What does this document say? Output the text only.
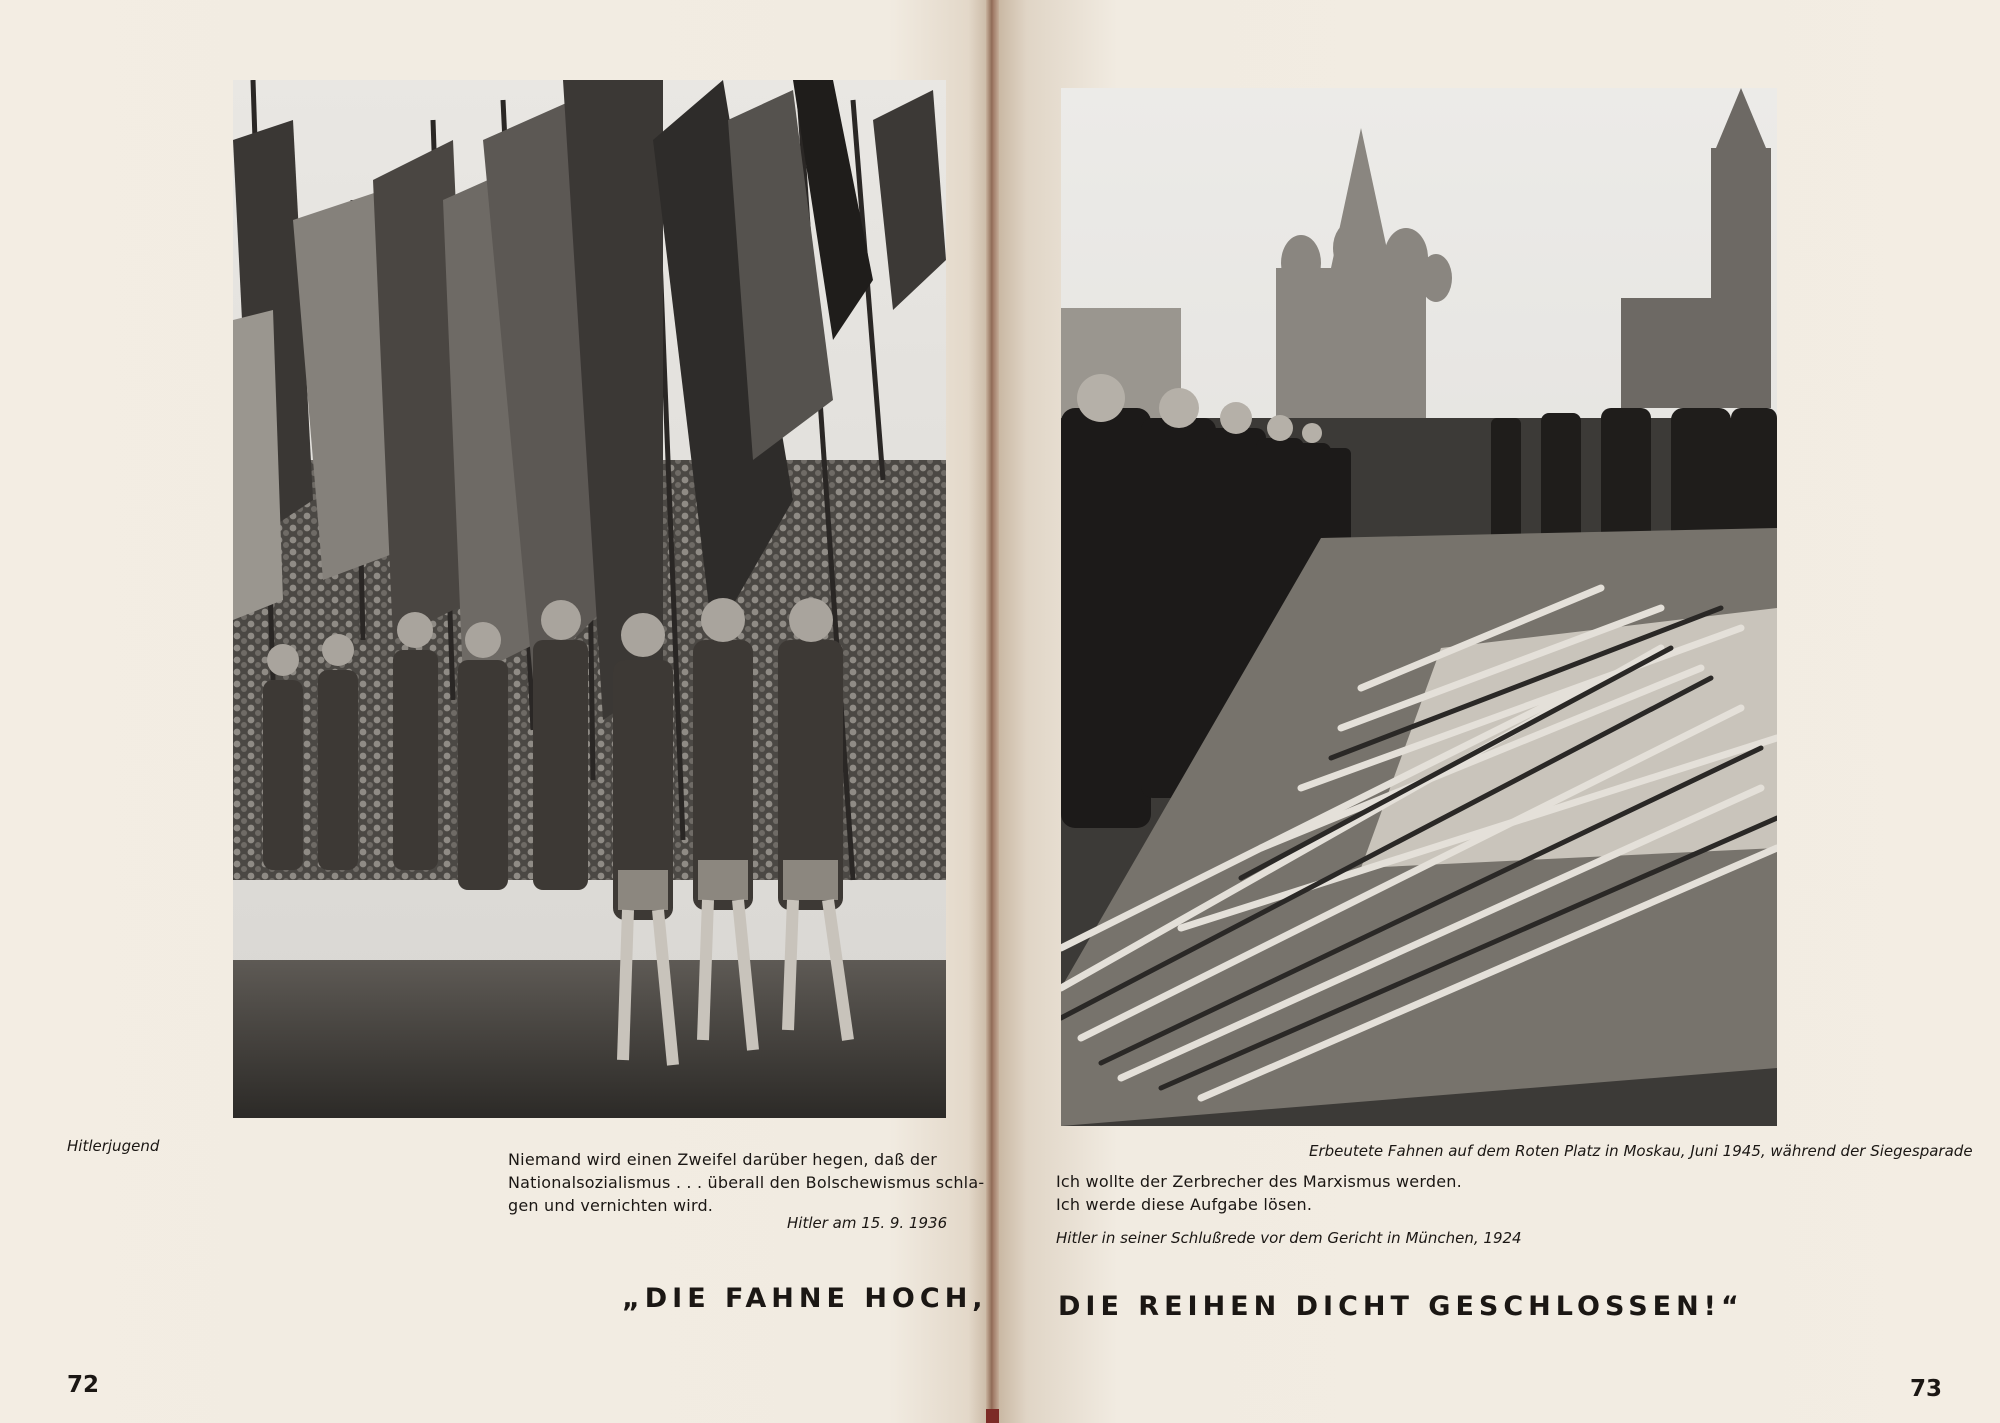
Hitlerjugend
Niemand wird einen Zweifel darüber hegen, daß der
Nationalsozialismus . . . überall den Bolschewismus schla-
gen und vernichten wird.
Hitler am 15. 9. 1936
„DIE FAHNE HOCH,
72
Erbeutete Fahnen auf dem Roten Platz in Moskau, Juni 1945, während der Siegesparade
Ich wollte der Zerbrecher des Marxismus werden.
Ich werde diese Aufgabe lösen.
Hitler in seiner Schlußrede vor dem Gericht in München, 1924
DIE REIHEN DICHT GESCHLOSSEN!“
73
